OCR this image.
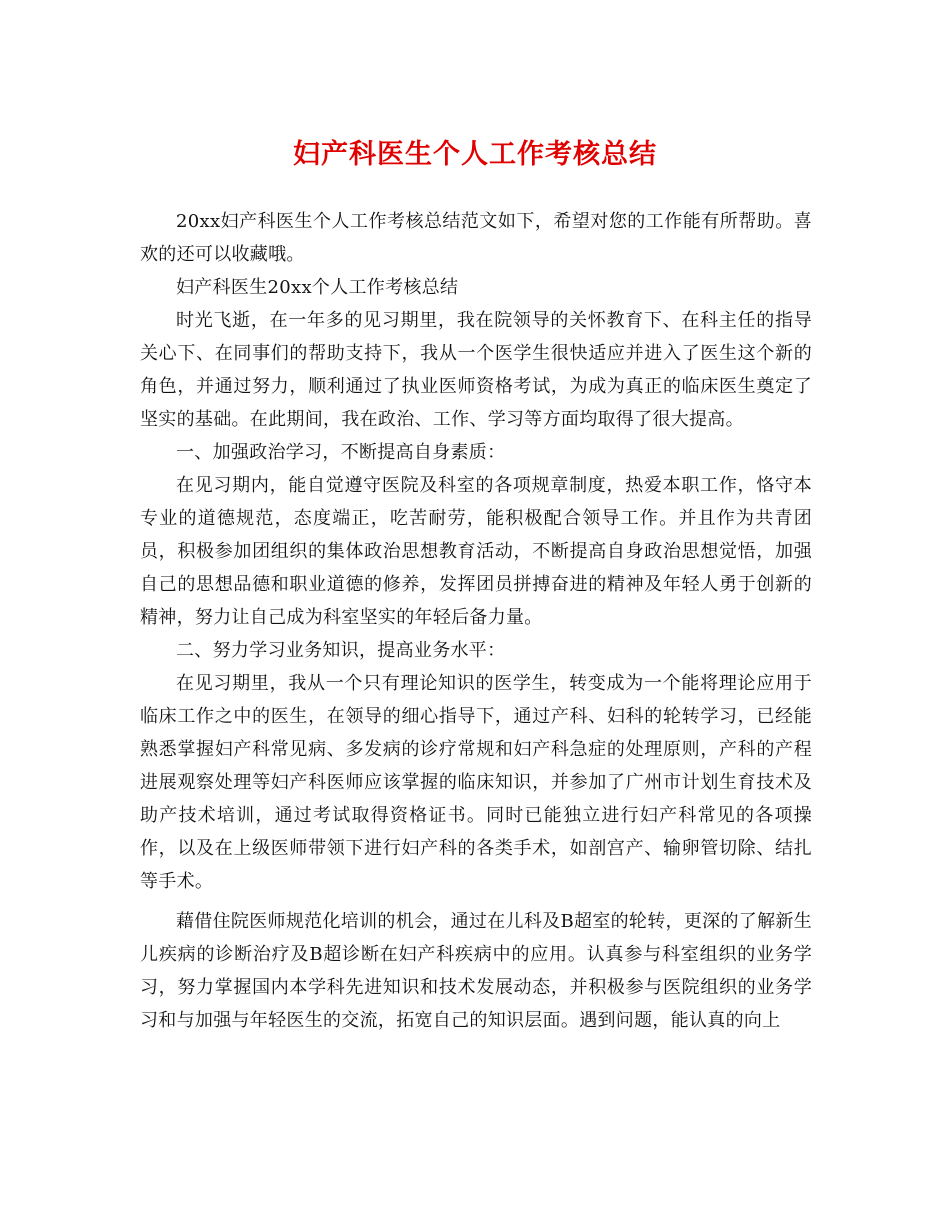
妇产科医生个人工作考核总结

20xx妇产科医生个人工作考核总结范文如下，希望对您的工作能有所帮助。喜欢的还可以收藏哦。

妇产科医生20xx个人工作考核总结

时光飞逝，在一年多的见习期里，我在院领导的关怀教育下、在科主任的指导关心下、在同事们的帮助支持下，我从一个医学生很快适应并进入了医生这个新的角色，并通过努力，顺利通过了执业医师资格考试，为成为真正的临床医生奠定了坚实的基础。在此期间，我在政治、工作、学习等方面均取得了很大提高。

一、加强政治学习，不断提高自身素质：

在见习期内，能自觉遵守医院及科室的各项规章制度，热爱本职工作，恪守本专业的道德规范，态度端正，吃苦耐劳，能积极配合领导工作。并且作为共青团员，积极参加团组织的集体政治思想教育活动，不断提高自身政治思想觉悟，加强自己的思想品德和职业道德的修养，发挥团员拼搏奋进的精神及年轻人勇于创新的精神，努力让自己成为科室坚实的年轻后备力量。

二、努力学习业务知识，提高业务水平：

在见习期里，我从一个只有理论知识的医学生，转变成为一个能将理论应用于临床工作之中的医生，在领导的细心指导下，通过产科、妇科的轮转学习，已经能熟悉掌握妇产科常见病、多发病的诊疗常规和妇产科急症的处理原则，产科的产程进展观察处理等妇产科医师应该掌握的临床知识，并参加了广州市计划生育技术及助产技术培训，通过考试取得资格证书。同时已能独立进行妇产科常见的各项操作，以及在上级医师带领下进行妇产科的各类手术，如剖宫产、输卵管切除、结扎等手术。

藉借住院医师规范化培训的机会，通过在儿科及B超室的轮转，更深的了解新生儿疾病的诊断治疗及B超诊断在妇产科疾病中的应用。认真参与科室组织的业务学习，努力掌握国内本学科先进知识和技术发展动态，并积极参与医院组织的业务学习和与加强与年轻医生的交流，拓宽自己的知识层面。遇到问题，能认真的向上
